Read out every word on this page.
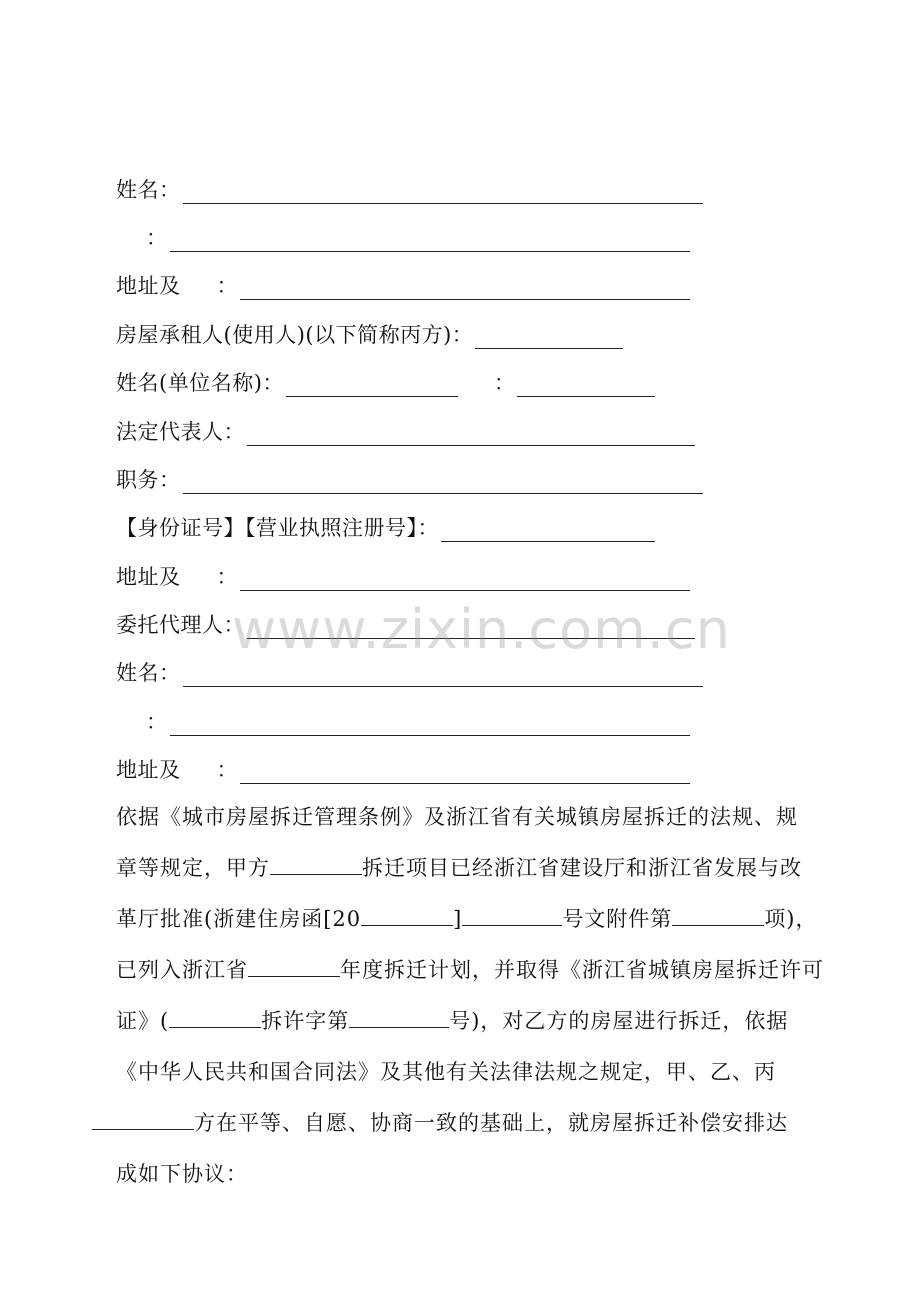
姓名：
：
地址及 ：
房屋承租人(使用人)(以下简称丙方)：
姓名(单位名称)：	：
法定代表人：
职务：
【身份证号】【营业执照注册号】：
地址及 ：
委托代理人：
姓名：
：
地址及 ：
依据《城市房屋拆迁管理条例》及浙江省有关城镇房屋拆迁的法规、规
章等规定，甲方	拆迁项目已经浙江省建设厅和浙江省发展与改
革厅批准(浙建住房函[20	]	号文附件第	项)，
已列入浙江省	年度拆迁计划，并取得《浙江省城镇房屋拆迁许可
证》(	拆许字第	号)，对乙方的房屋进行拆迁，依据
《中华人民共和国合同法》及其他有关法律法规之规定，甲、乙、丙
方在平等、自愿、协商一致的基础上，就房屋拆迁补偿安排达
成如下协议：
www.zixin.com.cn
